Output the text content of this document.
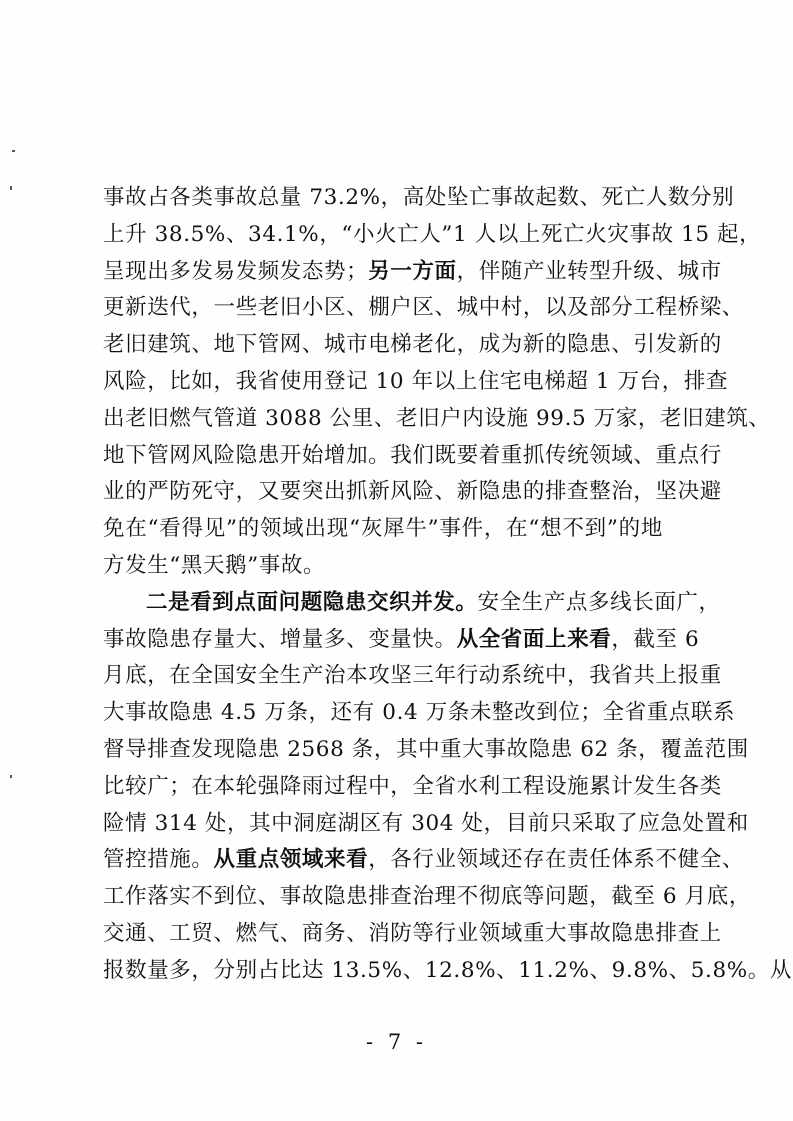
事故占各类事故总量 73.2%，高处坠亡事故起数、死亡人数分别
上升 38.5%、34.1%，“小火亡人”1 人以上死亡火灾事故 15 起，
呈现出多发易发频发态势；另一方面，伴随产业转型升级、城市
更新迭代，一些老旧小区、棚户区、城中村，以及部分工程桥梁、
老旧建筑、地下管网、城市电梯老化，成为新的隐患、引发新的
风险，比如，我省使用登记 10 年以上住宅电梯超 1 万台，排查
出老旧燃气管道 3088 公里、老旧户内设施 99.5 万家，老旧建筑、
地下管网风险隐患开始增加。我们既要着重抓传统领域、重点行
业的严防死守，又要突出抓新风险、新隐患的排查整治，坚决避
免在“看得见”的领域出现“灰犀牛”事件，在“想不到”的地
方发生“黑天鹅”事故。
二是看到点面问题隐患交织并发。安全生产点多线长面广，
事故隐患存量大、增量多、变量快。从全省面上来看，截至 6
月底，在全国安全生产治本攻坚三年行动系统中，我省共上报重
大事故隐患 4.5 万条，还有 0.4 万条未整改到位；全省重点联系
督导排查发现隐患 2568 条，其中重大事故隐患 62 条，覆盖范围
比较广；在本轮强降雨过程中，全省水利工程设施累计发生各类
险情 314 处，其中洞庭湖区有 304 处，目前只采取了应急处置和
管控措施。从重点领域来看，各行业领域还存在责任体系不健全、
工作落实不到位、事故隐患排查治理不彻底等问题，截至 6 月底，
交通、工贸、燃气、商务、消防等行业领域重大事故隐患排查上
报数量多，分别占比达 13.5%、12.8%、11.2%、9.8%、5.8%。从
- 7 -
